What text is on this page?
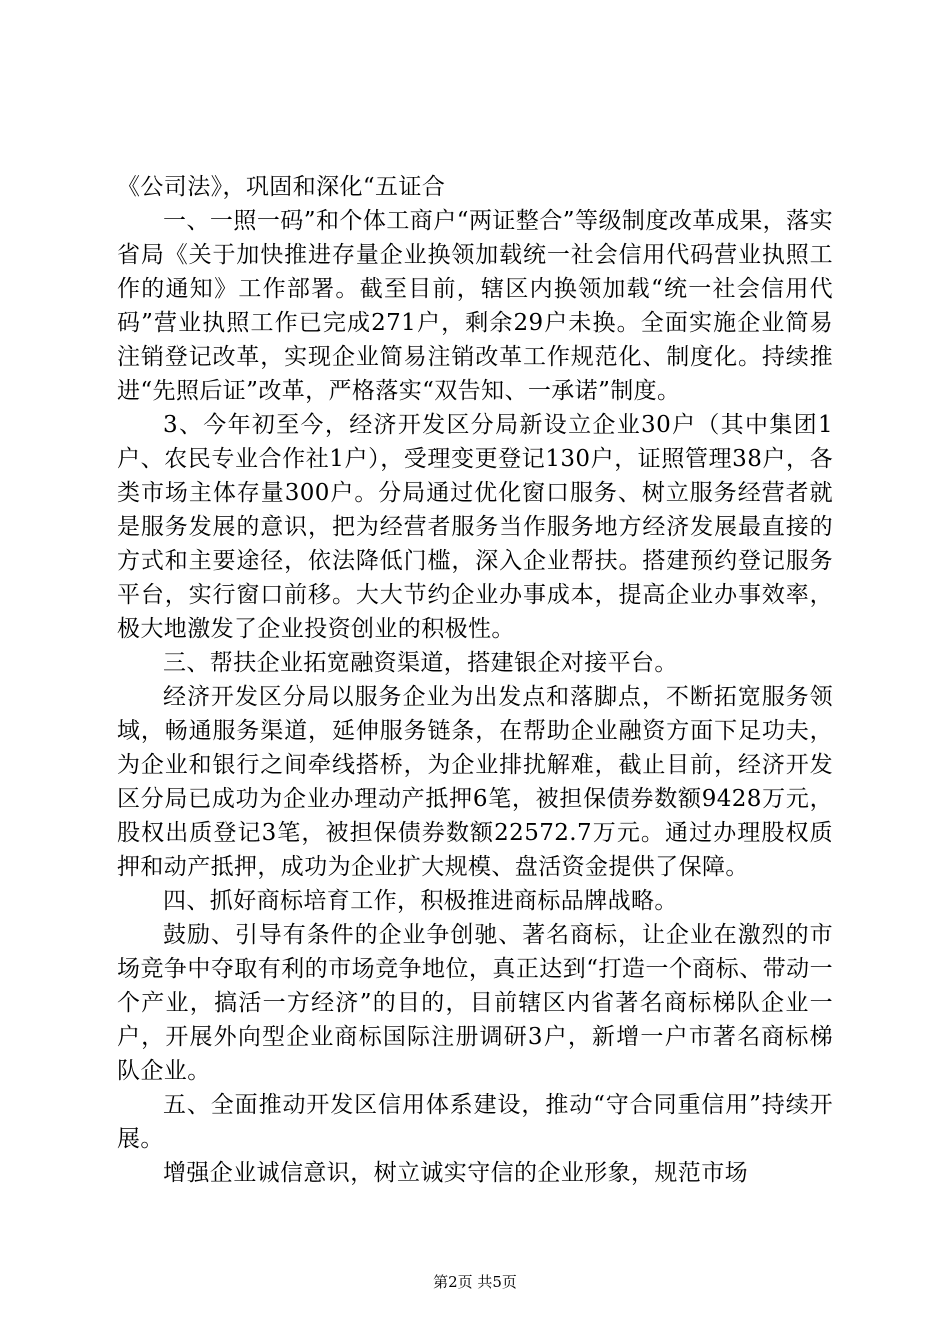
《公司法》，巩固和深化“五证合

一、一照一码”和个体工商户“两证整合”等级制度改革成果，落实省局《关于加快推进存量企业换领加载统一社会信用代码营业执照工作的通知》工作部署。截至目前，辖区内换领加载“统一社会信用代码”营业执照工作已完成271户，剩余29户未换。全面实施企业简易注销登记改革，实现企业简易注销改革工作规范化、制度化。持续推进“先照后证”改革，严格落实“双告知、一承诺”制度。

3、今年初至今，经济开发区分局新设立企业30户（其中集团1户、农民专业合作社1户），受理变更登记130户，证照管理38户，各类市场主体存量300户。分局通过优化窗口服务、树立服务经营者就是服务发展的意识，把为经营者服务当作服务地方经济发展最直接的方式和主要途径，依法降低门槛，深入企业帮扶。搭建预约登记服务平台，实行窗口前移。大大节约企业办事成本，提高企业办事效率，极大地激发了企业投资创业的积极性。

三、帮扶企业拓宽融资渠道，搭建银企对接平台。

经济开发区分局以服务企业为出发点和落脚点，不断拓宽服务领域，畅通服务渠道，延伸服务链条，在帮助企业融资方面下足功夫，为企业和银行之间牵线搭桥，为企业排扰解难，截止目前，经济开发区分局已成功为企业办理动产抵押6笔，被担保债券数额9428万元，股权出质登记3笔，被担保债券数额22572.7万元。通过办理股权质押和动产抵押，成功为企业扩大规模、盘活资金提供了保障。

四、抓好商标培育工作，积极推进商标品牌战略。

鼓励、引导有条件的企业争创驰、著名商标，让企业在激烈的市场竞争中夺取有利的市场竞争地位，真正达到“打造一个商标、带动一个产业，搞活一方经济”的目的，目前辖区内省著名商标梯队企业一户，开展外向型企业商标国际注册调研3户，新增一户市著名商标梯队企业。

五、全面推动开发区信用体系建设，推动“守合同重信用”持续开展。

增强企业诚信意识，树立诚实守信的企业形象，规范市场

第2页 共5页
